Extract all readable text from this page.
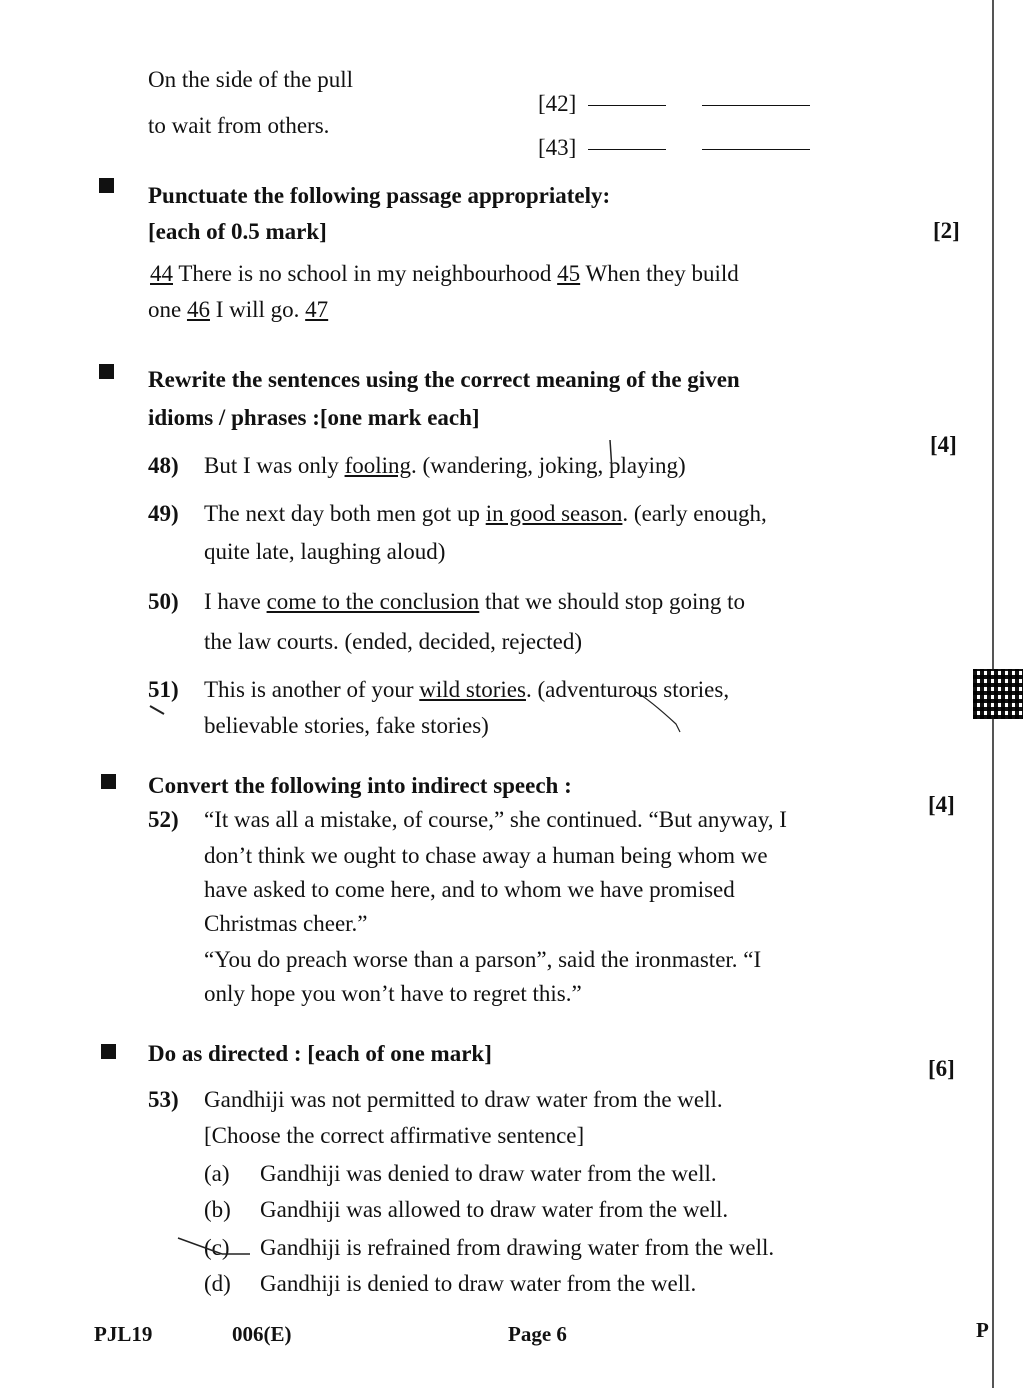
On the side of the pull
to wait from others.
[42]
[43]
Punctuate the following passage appropriately:
[each of 0.5 mark]	[2]
44 There is no school in my neighbourhood 45 When they build
one 46 I will go. 47
Rewrite the sentences using the correct meaning of the given
idioms / phrases :[one mark each]
[4]
48) But I was only fooling. (wandering, joking, playing)
49) The next day both men got up in good season. (early enough,
quite late, laughing aloud)
50) I have come to the conclusion that we should stop going to
the law courts. (ended, decided, rejected)
51) This is another of your wild stories. (adventurous stories,
believable stories, fake stories)
Convert the following into indirect speech :
[4]
52) “It was all a mistake, of course,” she continued. “But anyway, I
don’t think we ought to chase away a human being whom we
have asked to come here, and to whom we have promised
Christmas cheer.”
“You do preach worse than a parson”, said the ironmaster. “I
only hope you won’t have to regret this.”
Do as directed : [each of one mark]
[6]
53) Gandhiji was not permitted to draw water from the well.
[Choose the correct affirmative sentence]
(a) Gandhiji was denied to draw water from the well.
(b) Gandhiji was allowed to draw water from the well.
(c) Gandhiji is refrained from drawing water from the well.
(d) Gandhiji is denied to draw water from the well.
PJL19	006(E)	Page 6	P
